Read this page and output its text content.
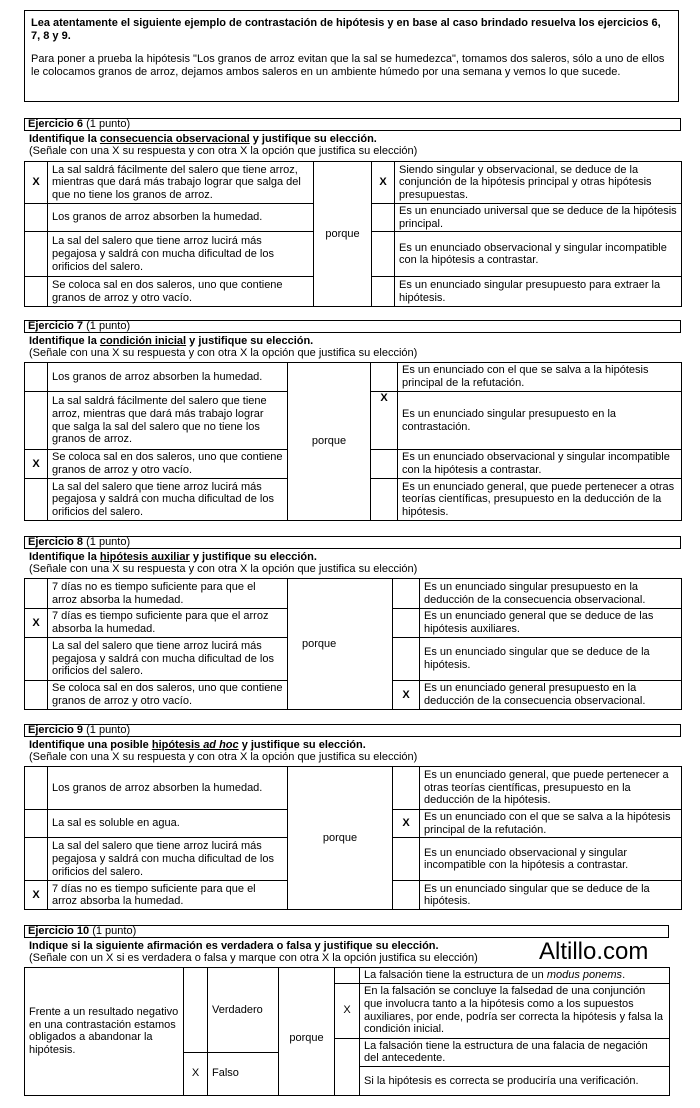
Lea atentamente el siguiente ejemplo de contrastación de hipótesis y en base al caso brindado resuelva los ejercicios 6, 7, 8 y 9.
Para poner a prueba la hipótesis "Los granos de arroz evitan que la sal se humedezca", tomamos dos saleros, sólo a uno de ellos le colocamos granos de arroz, dejamos ambos saleros en un ambiente húmedo por una semana y vemos lo que sucede.
Ejercicio 6 (1 punto)
Identifique la consecuencia observacional y justifique su elección.
(Señale con una X su respuesta y con otra X la opción que justifica su elección)
X	La sal saldrá fácilmente del salero que tiene arroz, mientras que dará más trabajo lograr que salga del que no tiene los granos de arroz.	porque	X	Siendo singular y observacional, se deduce de la conjunción de la hipótesis principal y otras hipótesis presupuestas.
	Los granos de arroz absorben la humedad.			Es un enunciado universal que se deduce de la hipótesis principal.
	La sal del salero que tiene arroz lucirá más pegajosa y saldrá con mucha dificultad de los orificios del salero.			Es un enunciado observacional y singular incompatible con la hipótesis a contrastar.
	Se coloca sal en dos saleros, uno que contiene granos de arroz y otro vacío.			Es un enunciado singular presupuesto para extraer la hipótesis.
Ejercicio 7 (1 punto)
Identifique la condición inicial y justifique su elección.
(Señale con una X su respuesta y con otra X la opción que justifica su elección)
	Los granos de arroz absorben la humedad.	porque		Es un enunciado con el que se salva a la hipótesis principal de la refutación.
	La sal saldrá fácilmente del salero que tiene arroz, mientras que dará más trabajo lograr que salga la sal del salero que no tiene los granos de arroz.		X	Es un enunciado singular presupuesto en la contrastación.
X	Se coloca sal en dos saleros, uno que contiene granos de arroz y otro vacío.			Es un enunciado observacional y singular incompatible con la hipótesis a contrastar.
	La sal del salero que tiene arroz lucirá más pegajosa y saldrá con mucha dificultad de los orificios del salero.			Es un enunciado general, que puede pertenecer a otras teorías científicas, presupuesto en la deducción de la hipótesis.
Ejercicio 8 (1 punto)
Identifique la hipótesis auxiliar y justifique su elección.
(Señale con una X su respuesta y con otra X la opción que justifica su elección)
	7 días no es tiempo suficiente para que el arroz absorba la humedad.	porque		Es un enunciado singular presupuesto en la deducción de la consecuencia observacional.
X	7 días es tiempo suficiente para que el arroz absorba la humedad.			Es un enunciado general que se deduce de las hipótesis auxiliares.
	La sal del salero que tiene arroz lucirá más pegajosa y saldrá con mucha dificultad de los orificios del salero.			Es un enunciado singular que se deduce de la hipótesis.
	Se coloca sal en dos saleros, uno que contiene granos de arroz y otro vacío.		X	Es un enunciado general presupuesto en la deducción de la consecuencia observacional.
Ejercicio 9 (1 punto)
Identifique una posible hipótesis ad hoc y justifique su elección.
(Señale con una X su respuesta y con otra X la opción que justifica su elección)
	Los granos de arroz absorben la humedad.	porque		Es un enunciado general, que puede pertenecer a otras teorías científicas, presupuesto en la deducción de la hipótesis.
	La sal es soluble en agua.		X	Es un enunciado con el que se salva a la hipótesis principal de la refutación.
	La sal del salero que tiene arroz lucirá más pegajosa y saldrá con mucha dificultad de los orificios del salero.			Es un enunciado observacional y singular incompatible con la hipótesis a contrastar.
X	7 días no es tiempo suficiente para que el arroz absorba la humedad.			Es un enunciado singular que se deduce de la hipótesis.
Ejercicio 10 (1 punto)
Indique si la siguiente afirmación es verdadera o falsa y justifique su elección.
(Señale con un X si es verdadera o falsa y marque con otra X la opción justifica su elección)	Altillo.com
Frente a un resultado negativo en una contrastación estamos obligados a abandonar la hipótesis.		Verdadero	porque		La falsación tiene la estructura de un modus ponems.
				X	En la falsación se concluye la falsedad de una conjunción que involucra tanto a la hipótesis como a los supuestos auxiliares, por ende, podría ser correcta la hipótesis y falsa la condición inicial.
					La falsación tiene la estructura de una falacia de negación del antecedente.
	X	Falso			
					Si la hipótesis es correcta se produciría una verificación.
